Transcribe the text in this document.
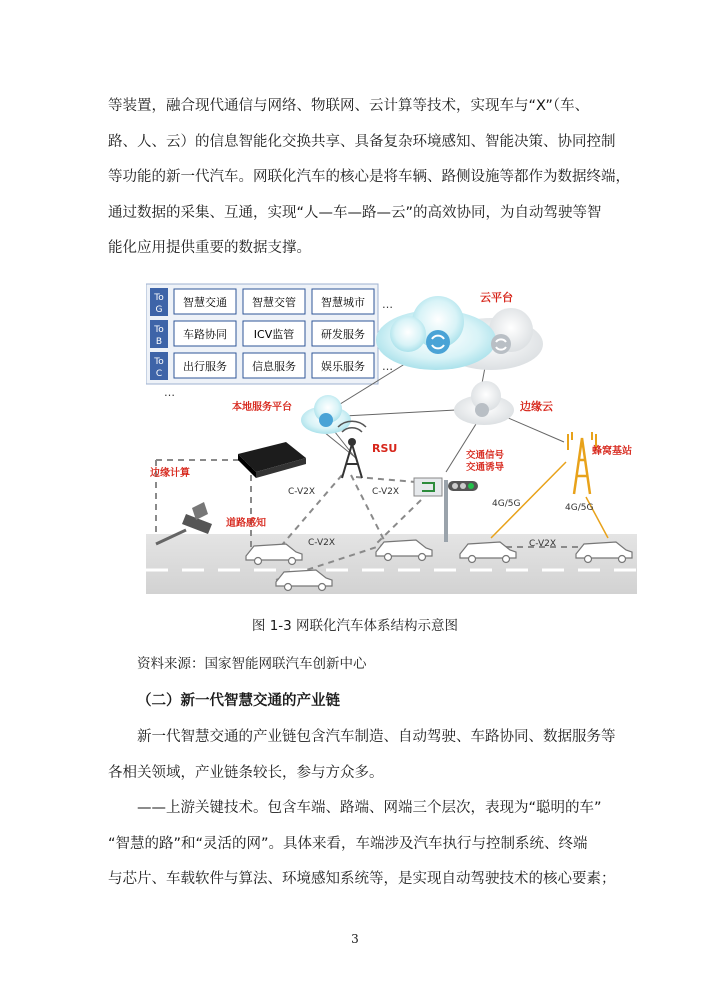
等装置，融合现代通信与网络、物联网、云计算等技术，实现车与“X”（车、
路、人、云）的信息智能化交换共享、具备复杂环境感知、智能决策、协同控制
等功能的新一代汽车。网联化汽车的核心是将车辆、路侧设施等都作为数据终端，
通过数据的采集、互通，实现“人—车—路—云”的高效协同，为自动驾驶等智
能化应用提供重要的数据支撑。
To
G
智慧交通 智慧交管 智慧城市
To
B
车路协同 ICV监管 研发服务
To
C
出行服务 信息服务 娱乐服务
…
…
…
云平台
本地服务平台	边缘云
边缘计算
RSU
交通信号
交通诱导
蜂窝基站
道路感知
C-V2X	C-V2X
C-V2X	C-V2X
4G/5G	4G/5G
图 1-3 网联化汽车体系结构示意图
资料来源：国家智能网联汽车创新中心
（二）新一代智慧交通的产业链
新一代智慧交通的产业链包含汽车制造、自动驾驶、车路协同、数据服务等
各相关领域，产业链条较长，参与方众多。
——上游关键技术。包含车端、路端、网端三个层次，表现为“聪明的车”
“智慧的路”和“灵活的网”。具体来看，车端涉及汽车执行与控制系统、终端
与芯片、车载软件与算法、环境感知系统等，是实现自动驾驶技术的核心要素；
3
